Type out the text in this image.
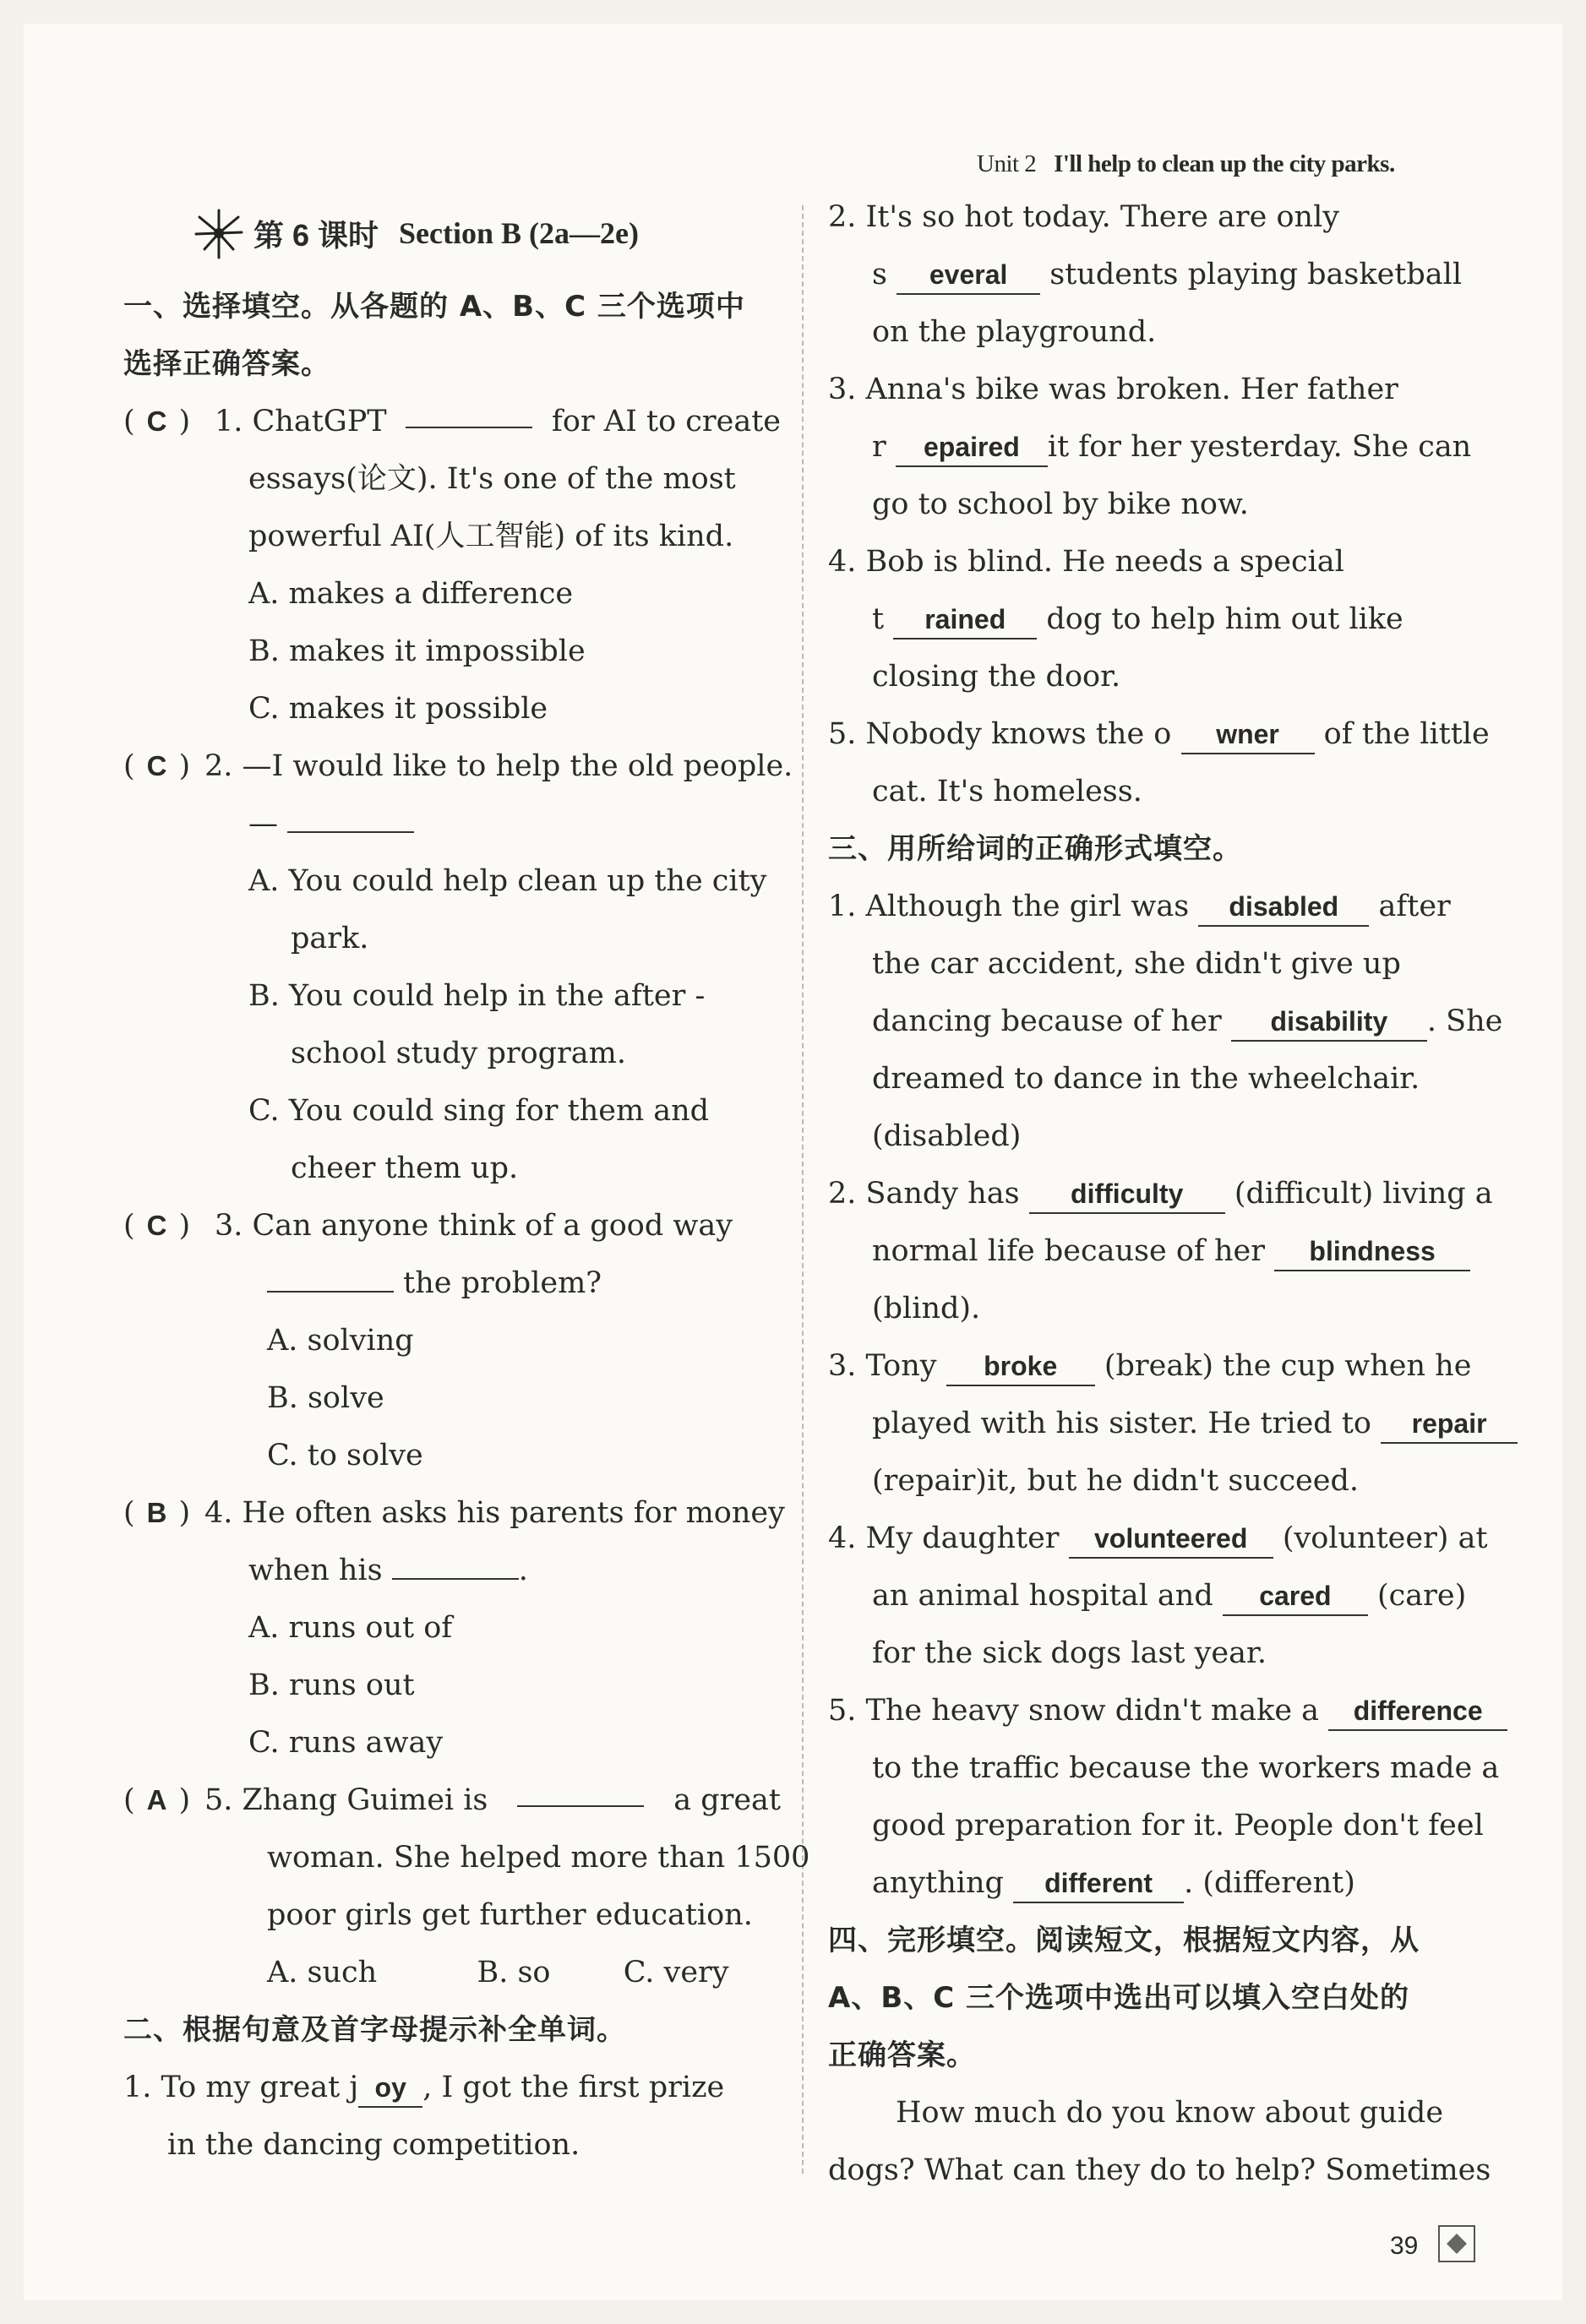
Unit 2 I'll help to clean up the city parks.
第 6 课时 Section B (2a—2e)
一、选择填空。从各题的 A、B、C 三个选项中
选择正确答案。
( C ) 1. ChatGPT	for AI to create
essays(论文). It's one of the most
powerful AI(人工智能) of its kind.
A. makes a difference
B. makes it impossible
C. makes it possible
( C ) 2. —I would like to help the old people.
—
A. You could help clean up the city
park.
B. You could help in the after -
school study program.
C. You could sing for them and
cheer them up.
( C ) 3. Can anyone think of a good way
the problem?
A. solving
B. solve
C. to solve
( B ) 4. He often asks his parents for money
when his	.
A. runs out of
B. runs out
C. runs away
( A ) 5. Zhang Guimei is	a great
woman. She helped more than 1500
poor girls get further education.
A. such	B. so C. very
二、根据句意及首字母提示补全单词。
1. To my great j oy , I got the first prize
in the dancing competition.
2. It's so hot today. There are only
s everal students playing basketball
on the playground.
3. Anna's bike was broken. Her father
r epaired it for her yesterday. She can
go to school by bike now.
4. Bob is blind. He needs a special
t rained dog to help him out like
closing the door.
5. Nobody knows the o wner of the little
cat. It's homeless.
三、用所给词的正确形式填空。
1. Although the girl was disabled after
the car accident, she didn't give up
dancing because of her disability . She
dreamed to dance in the wheelchair.
(disabled)
2. Sandy has difficulty (difficult) living a
normal life because of her blindness
(blind).
3. Tony broke (break) the cup when he
played with his sister. He tried to repair
(repair)it, but he didn't succeed.
4. My daughter volunteered (volunteer) at
an animal hospital and cared (care)
for the sick dogs last year.
5. The heavy snow didn't make a difference
to the traffic because the workers made a
good preparation for it. People don't feel
anything different . (different)
四、完形填空。阅读短文，根据短文内容，从
A、B、C 三个选项中选出可以填入空白处的
正确答案。
How much do you know about guide
dogs? What can they do to help? Sometimes
39
